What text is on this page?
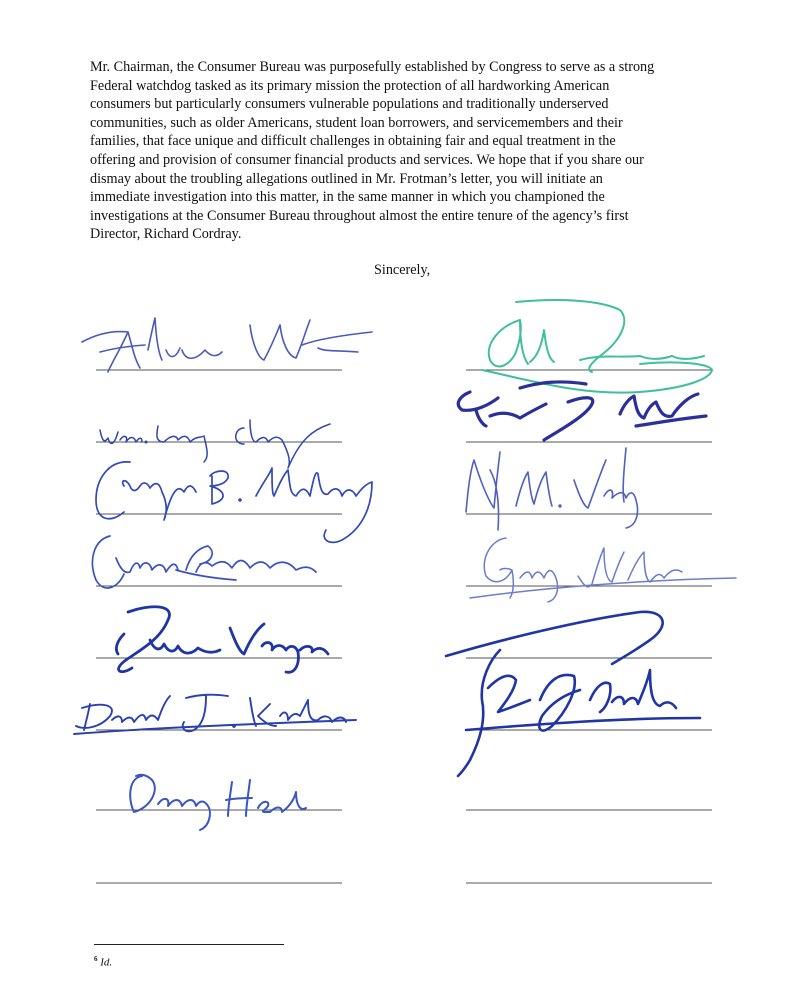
Mr. Chairman, the Consumer Bureau was purposefully established by Congress to serve as a strong
Federal watchdog tasked as its primary mission the protection of all hardworking American
consumers but particularly consumers vulnerable populations and traditionally underserved
communities, such as older Americans, student loan borrowers, and servicemembers and their
families, that face unique and difficult challenges in obtaining fair and equal treatment in the
offering and provision of consumer financial products and services. We hope that if you share our
dismay about the troubling allegations outlined in Mr. Frotman’s letter, you will initiate an
immediate investigation into this matter, in the same manner in which you championed the
investigations at the Consumer Bureau throughout almost the entire tenure of the agency’s first
Director, Richard Cordray.

Sincerely,

$^6$ Id.
